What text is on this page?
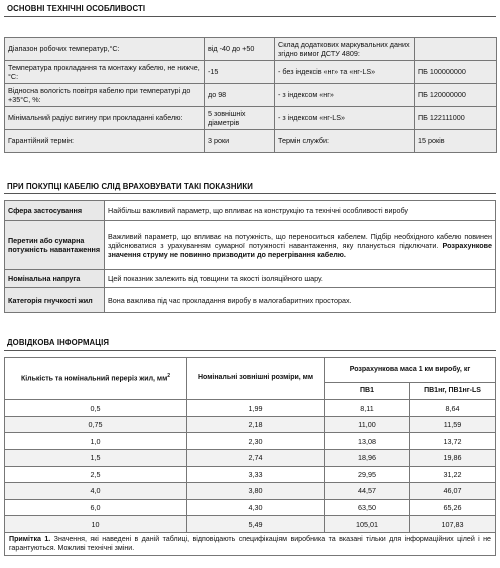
ОСНОВНІ ТЕХНІЧНІ ОСОБЛИВОСТІ
Діапазон робочих температур,°С:	від -40 до +50	Склад додаткових маркувальних даних згідно вимог ДСТУ 4809:	
Температура прокладання та монтажу кабелю, не нижче,°С:	-15	- без індексів «нг» та «нг-LS»	ПБ 100000000
Відносна вологість повітря кабелю при температурі до +35°С, %:	до 98	- з індексом «нг»	ПБ 120000000
Мінімальний радіус вигину при прокладанні кабелю:	5 зовнішніх діаметрів	- з індексом «нг-LS»	ПБ 122111000
Гарантійний термін:	3 роки	Термін служби:	15 років
ПРИ ПОКУПЦІ КАБЕЛЮ СЛІД ВРАХОВУВАТИ ТАКІ ПОКАЗНИКИ
Сфера застосування	Найбільш важливий параметр, що впливає на конструкцію та технічні особливості виробу
Перетин або сумарна потужність навантаження	Важливий параметр, що впливає на потужність, що переноситься кабелем. Підбір необхідного кабелю повинен здійснюватися з урахуванням сумарної потужності навантаження, яку планується підключати. Розрахункове значення струму не повинно призводити до перегрівання кабелю.
Номінальна напруга	Цей показник залежить від товщини та якості ізоляційного шару.
Категорія гнучкості жил	Вона важлива під час прокладання виробу в малогабаритних просторах.
ДОВІДКОВА ІНФОРМАЦІЯ
Кількість та номінальний переріз жил, $мм^2$	Номінальні зовнішні розміри, мм	Розрахункова маса 1 км виробу, кг	
		ПВ1	ПВ1нг, ПВ1нг-LS
0,5	1,99	8,11	8,64
0,75	2,18	11,00	11,59
1,0	2,30	13,08	13,72
1,5	2,74	18,96	19,86
2,5	3,33	29,95	31,22
4,0	3,80	44,57	46,07
6,0	4,30	63,50	65,26
10	5,49	105,01	107,83
Примітка 1. Значення, які наведені в даній таблиці, відповідають специфікаціям виробника та вказані тільки для інформаційних цілей і не гарантуються. Можливі технічні зміни.
